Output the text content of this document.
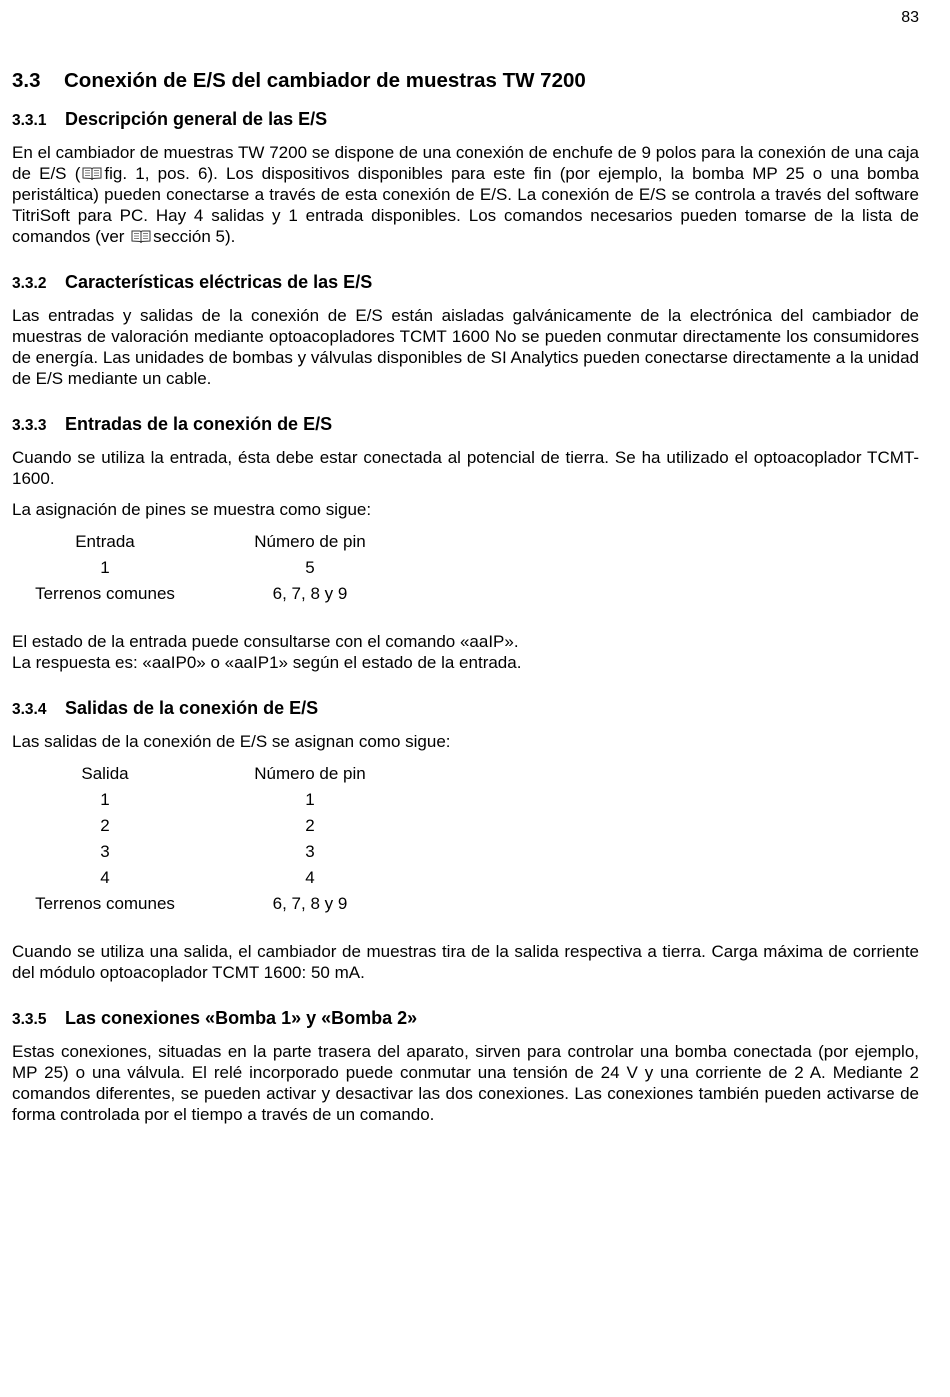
83
3.3 Conexión de E/S del cambiador de muestras TW 7200
3.3.1 Descripción general de las E/S

En el cambiador de muestras TW 7200 se dispone de una conexión de enchufe de 9 polos para la conexión de una caja de E/S ( fig. 1, pos. 6). Los dispositivos disponibles para este fin (por ejemplo, la bomba MP 25 o una bomba peristáltica) pueden conectarse a través de esta conexión de E/S. La conexión de E/S se controla a través del software TitriSoft para PC. Hay 4 salidas y 1 entrada disponibles. Los comandos necesarios pueden tomarse de la lista de comandos (ver sección 5).

3.3.2 Características eléctricas de las E/S

Las entradas y salidas de la conexión de E/S están aisladas galvánicamente de la electrónica del cambiador de muestras de valoración mediante optoacopladores TCMT 1600 No se pueden conmutar directamente los consumidores de energía. Las unidades de bombas y válvulas disponibles de SI Analytics pueden conectarse directamente a la unidad de E/S mediante un cable.

3.3.3 Entradas de la conexión de E/S

Cuando se utiliza la entrada, ésta debe estar conectada al potencial de tierra. Se ha utilizado el optoacoplador TCMT-1600.

La asignación de pines se muestra como sigue:

Entrada	Número de pin
1	5
Terrenos comunes	6, 7, 8 y 9

El estado de la entrada puede consultarse con el comando «aaIP».

La respuesta es: «aaIP0» o «aaIP1» según el estado de la entrada.

3.3.4 Salidas de la conexión de E/S

Las salidas de la conexión de E/S se asignan como sigue:

Salida	Número de pin
1	1
2	2
3	3
4	4
Terrenos comunes	6, 7, 8 y 9

Cuando se utiliza una salida, el cambiador de muestras tira de la salida respectiva a tierra. Carga máxima de corriente del módulo optoacoplador TCMT 1600: 50 mA.

3.3.5 Las conexiones «Bomba 1» y «Bomba 2»

Estas conexiones, situadas en la parte trasera del aparato, sirven para controlar una bomba conectada (por ejemplo, MP 25) o una válvula. El relé incorporado puede conmutar una tensión de 24 V y una corriente de 2 A. Mediante 2 comandos diferentes, se pueden activar y desactivar las dos conexiones. Las conexiones también pueden activarse de forma controlada por el tiempo a través de un comando.
